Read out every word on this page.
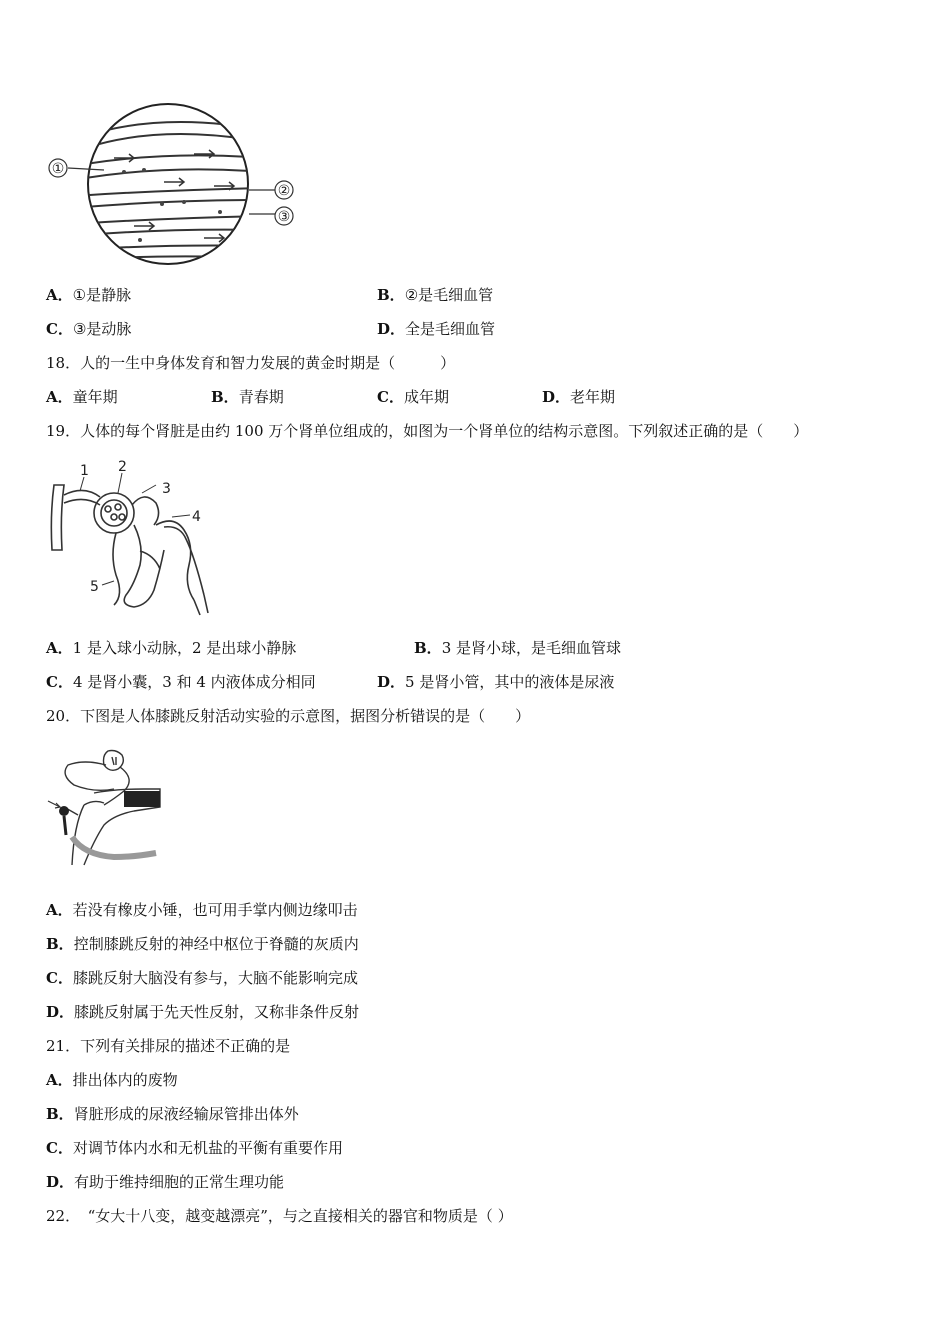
①
②
③
A．①是静脉	B．②是毛细血管
C．③是动脉	D．全是毛细血管
18．人的一生中身体发育和智力发展的黄金时期是（　　　）
A．童年期	B．青春期	C．成年期	D．老年期
19．人体的每个肾脏是由约 100 万个肾单位组成的，如图为一个肾单位的结构示意图。下列叙述正确的是（　　）
1 2
3
4
5
A．1 是入球小动脉，2 是出球小静脉	B．3 是肾小球，是毛细血管球
C．4 是肾小囊，3 和 4 内液体成分相同	D．5 是肾小管，其中的液体是尿液
20．下图是人体膝跳反射活动实验的示意图，据图分析错误的是（　　）
A．若没有橡皮小锤，也可用手掌内侧边缘叩击
B．控制膝跳反射的神经中枢位于脊髓的灰质内
C．膝跳反射大脑没有参与，大脑不能影响完成
D．膝跳反射属于先天性反射，又称非条件反射
21．下列有关排尿的描述不正确的是
A．排出体内的废物
B．肾脏形成的尿液经输尿管排出体外
C．对调节体内水和无机盐的平衡有重要作用
D．有助于维持细胞的正常生理功能
22．　“女大十八变，越变越漂亮”，与之直接相关的器官和物质是（ ）
